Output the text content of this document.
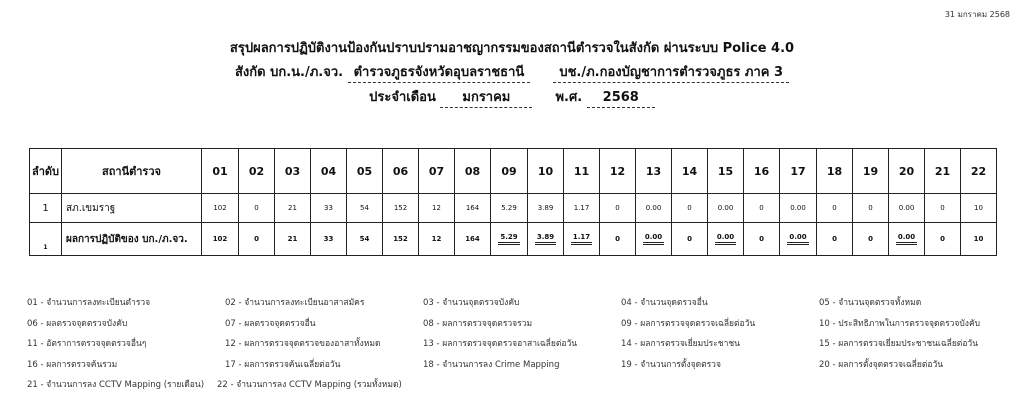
31 มกราคม 2568
สรุปผลการปฏิบัติงานป้องกันปราบปรามอาชญากรรมของสถานีตำรวจในสังกัด ผ่านระบบ Police 4.0
สังกัด บก.น./ภ.จว. ตำรวจภูธรจังหวัดอุบลราชธานี	บช./ภ.กองบัญชาการตำรวจภูธร ภาค 3
ประจำเดือน มกราคม	พ.ศ. 2568
ลำดับ	สถานีตำรวจ	01	02	03	04	05	06	07	08	09	10	11	12	13	14	15	16	17	18	19	20	21	22
1	สภ.เขมราฐ	102	0	21	33	54	152	12	164	5.29	3.89	1.17	0	0.00	0	0.00	0	0.00	0	0	0.00	0	10
1	ผลการปฏิบัติของ บก./ภ.จว.	102	0	21	33	54	152	12	164	5.29	3.89	1.17	0	0.00	0	0.00	0	0.00	0	0	0.00	0	10
01 - จำนวนการลงทะเบียนตำรวจ	02 - จำนวนการลงทะเบียนอาสาสมัคร	03 - จำนวนจุดตรวจบังคับ	04 - จำนวนจุดตรวจอื่น	05 - จำนวนจุดตรวจทั้งหมด
06 - ผลตรวจจุดตรวจบังคับ	07 - ผลตรวจจุดตรวจอื่น	08 - ผลการตรวจจุดตรวจรวม	09 - ผลการตรวจจุดตรวจเฉลี่ยต่อวัน	10 - ประสิทธิภาพในการตรวจจุดตรวจบังคับ
11 - อัตราการตรวจจุดตรวจอื่นๆ	12 - ผลการตรวจจุดตรวจของอาสาทั้งหมด	13 - ผลการตรวจจุดตรวจอาสาเฉลี่ยต่อวัน	14 - ผลการตรวจเยี่ยมประชาชน	15 - ผลการตรวจเยี่ยมประชาชนเฉลี่ยต่อวัน
16 - ผลการตรวจค้นรวม	17 - ผลการตรวจค้นเฉลี่ยต่อวัน	18 - จำนวนการลง Crime Mapping	19 - จำนวนการตั้งจุดตรวจ	20 - ผลการตั้งจุดตรวจเฉลี่ยต่อวัน
21 - จำนวนการลง CCTV Mapping (รายเดือน)	22 - จำนวนการลง CCTV Mapping (รวมทั้งหมด)
